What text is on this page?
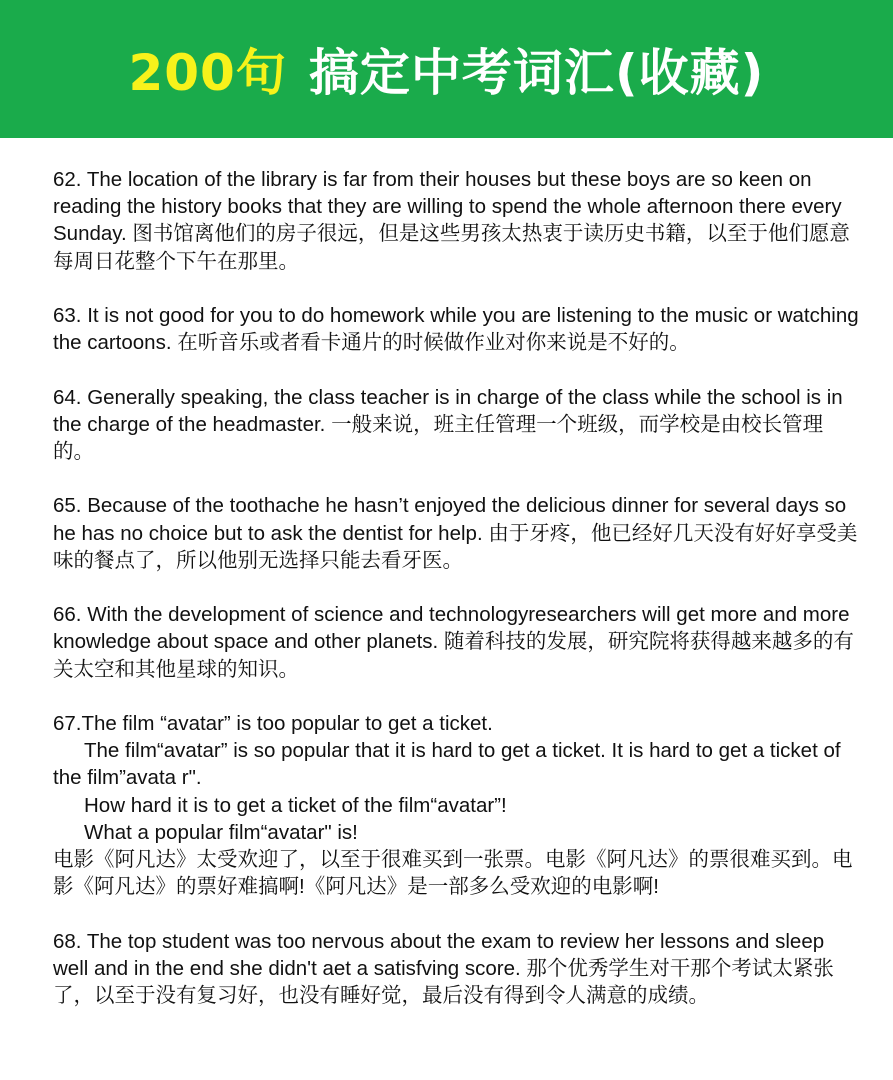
200句 搞定中考词汇(收藏)

62. The location of the library is far from their houses but these boys are so keen on reading the history books that they are willing to spend the whole afternoon there every Sunday. 图书馆离他们的房子很远，但是这些男孩太热衷于读历史书籍，以至于他们愿意每周日花整个下午在那里。

63. It is not good for you to do homework while you are listening to the music or watching the cartoons. 在听音乐或者看卡通片的时候做作业对你来说是不好的。

64. Generally speaking, the class teacher is in charge of the class while the school is in the charge of the headmaster. 一般来说，班主任管理一个班级，而学校是由校长管理的。

65. Because of the toothache he hasn’t enjoyed the delicious dinner for several days so he has no choice but to ask the dentist for help. 由于牙疼，他已经好几天没有好好享受美味的餐点了，所以他别无选择只能去看牙医。

66. With the development of science and technologyresearchers will get more and more knowledge about space and other planets. 随着科技的发展，研究院将获得越来越多的有关太空和其他星球的知识。

67.The film “avatar” is too popular to get a ticket.

The film“avatar” is so popular that it is hard to get a ticket. It is hard to get a ticket of the film”avata r".

How hard it is to get a ticket of the film“avatar”!

What a popular film“avatar" is!

电影《阿凡达》太受欢迎了，以至于很难买到一张票。电影《阿凡达》的票很难买到。电影《阿凡达》的票好难搞啊!《阿凡达》是一部多么受欢迎的电影啊!

68. The top student was too nervous about the exam to review her lessons and sleep well and in the end she didn't aet a satisfving score. 那个优秀学生对干那个考试太紧张了，以至于没有复习好，也没有睡好觉，最后没有得到令人满意的成绩。
